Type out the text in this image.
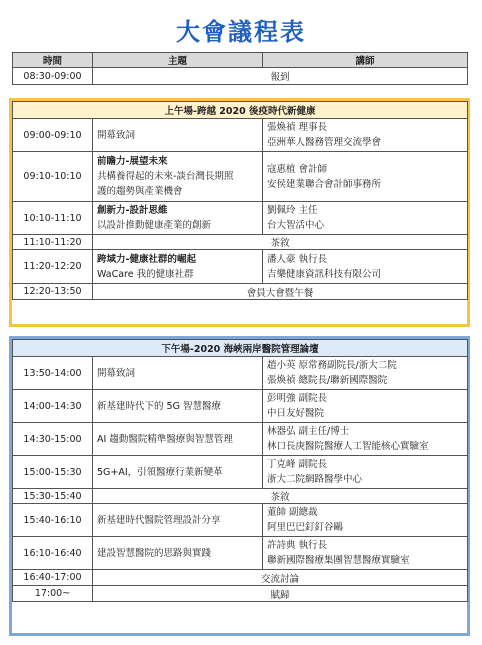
大會議程表
時間	主題	講師
08:30-09:00	報到	
上午場-跨越 2020 後疫時代新健康		
09:00-09:10	開幕致詞	張煥禎 理事長
亞洲華人醫務管理交流學會

09:10-10:10	前瞻力-展望未來
共構養得起的未來-談台灣長期照
護的趨勢與產業機會	寇惠植 會計師
安侯建業聯合會計師事務所

10:10-11:10	創新力-設計思維
以設計推動健康產業的創新	劉佩玲 主任
台大智活中心

11:10-11:20	茶敘	
11:20-12:20	跨域力-健康社群的崛起
WaCare 我的健康社群	潘人豪 執行長
吉樂健康資訊科技有限公司

12:20-13:50	會員大會暨午餐	
下午場-2020 海峽兩岸醫院管理論壇		
13:50-14:00	開幕致詞	趙小英 原常務副院長/浙大二院
張煥禎 總院長/聯新國際醫院

14:00-14:30	新基建時代下的 5G 智慧醫療	彭明強 副院長
中日友好醫院

14:30-15:00	AI 趨動醫院精準醫療與智慧管理	林器弘 副主任/博士
林口長庚醫院醫療人工智能核心實驗室

15:00-15:30	5G+AI，引領醫療行業新變革	丁克峰 副院長
浙大二院網路醫學中心

15:30-15:40	茶敘	
15:40-16:10	新基建時代醫院管理設計分享	董帥 副總裁
阿里巴巴釘釘谷鷗

16:10-16:40	建設智慧醫院的思路與實踐	許詩典 執行長
聯新國際醫療集團智慧醫療實驗室

16:40-17:00	交流討論	
17:00~	賦歸	
